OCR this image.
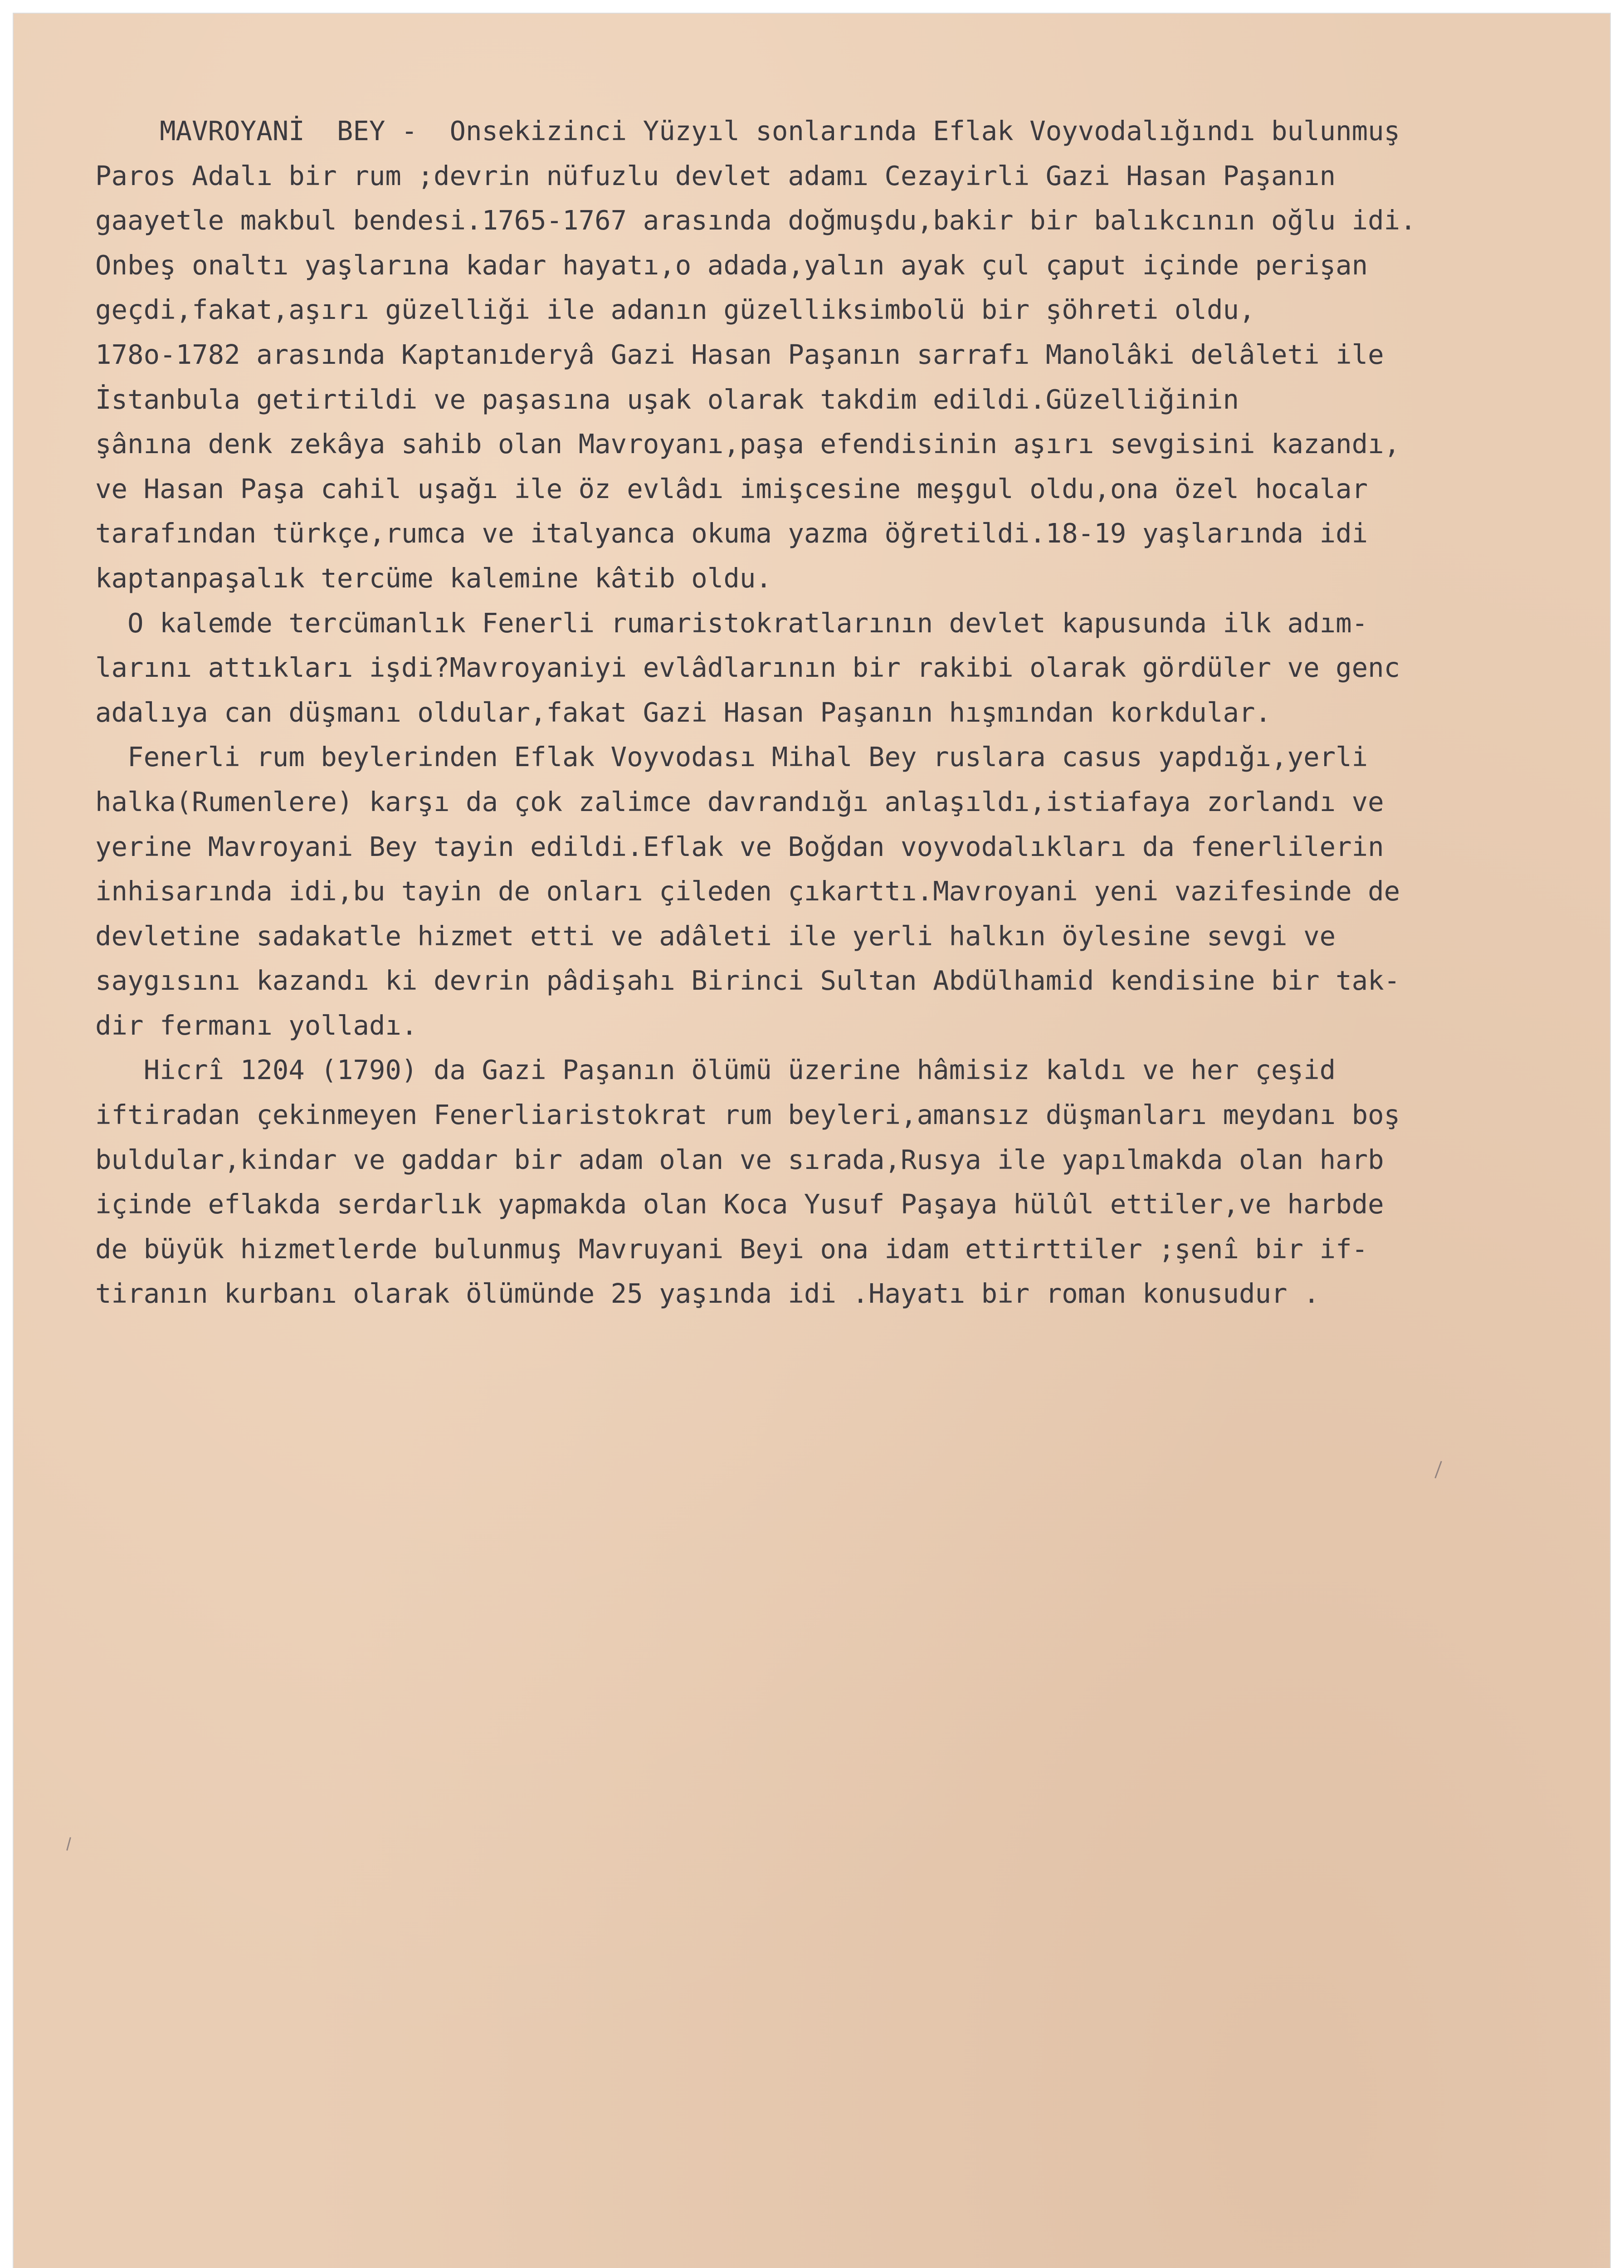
MAVROYANİ  BEY -  Onsekizinci Yüzyıl sonlarında Eflak Voyvodalığındı bulunmuş
Paros Adalı bir rum ;devrin nüfuzlu devlet adamı Cezayirli Gazi Hasan Paşanın
gaayetle makbul bendesi.1765-1767 arasında doğmuşdu,bakir bir balıkcının oğlu idi.
Onbeş onaltı yaşlarına kadar hayatı,o adada,yalın ayak çul çaput içinde perişan
geçdi,fakat,aşırı güzelliği ile adanın güzelliksimbolü bir şöhreti oldu,
178o-1782 arasında Kaptanıderyâ Gazi Hasan Paşanın sarrafı Manolâki delâleti ile
İstanbula getirtildi ve paşasına uşak olarak takdim edildi.Güzelliğinin
şânına denk zekâya sahib olan Mavroyanı,paşa efendisinin aşırı sevgisini kazandı,
ve Hasan Paşa cahil uşağı ile öz evlâdı imişcesine meşgul oldu,ona özel hocalar
tarafından türkçe,rumca ve italyanca okuma yazma öğretildi.18-19 yaşlarında idi
kaptanpaşalık tercüme kalemine kâtib oldu.
O kalemde tercümanlık Fenerli rumaristokratlarının devlet kapusunda ilk adım-
larını attıkları işdi?Mavroyaniyi evlâdlarının bir rakibi olarak gördüler ve genc
adalıya can düşmanı oldular,fakat Gazi Hasan Paşanın hışmından korkdular.
Fenerli rum beylerinden Eflak Voyvodası Mihal Bey ruslara casus yapdığı,yerli
halka(Rumenlere) karşı da çok zalimce davrandığı anlaşıldı,istiafaya zorlandı ve
yerine Mavroyani Bey tayin edildi.Eflak ve Boğdan voyvodalıkları da fenerlilerin
inhisarında idi,bu tayin de onları çileden çıkarttı.Mavroyani yeni vazifesinde de
devletine sadakatle hizmet etti ve adâleti ile yerli halkın öylesine sevgi ve
saygısını kazandı ki devrin pâdişahı Birinci Sultan Abdülhamid kendisine bir tak-
dir fermanı yolladı.
Hicrî 1204 (1790) da Gazi Paşanın ölümü üzerine hâmisiz kaldı ve her çeşid
iftiradan çekinmeyen Fenerliaristokrat rum beyleri,amansız düşmanları meydanı boş
buldular,kindar ve gaddar bir adam olan ve sırada,Rusya ile yapılmakda olan harb
içinde eflakda serdarlık yapmakda olan Koca Yusuf Paşaya hülûl ettiler,ve harbde
de büyük hizmetlerde bulunmuş Mavruyani Beyi ona idam ettirttiler ;şenî bir if-
tiranın kurbanı olarak ölümünde 25 yaşında idi .Hayatı bir roman konusudur .
